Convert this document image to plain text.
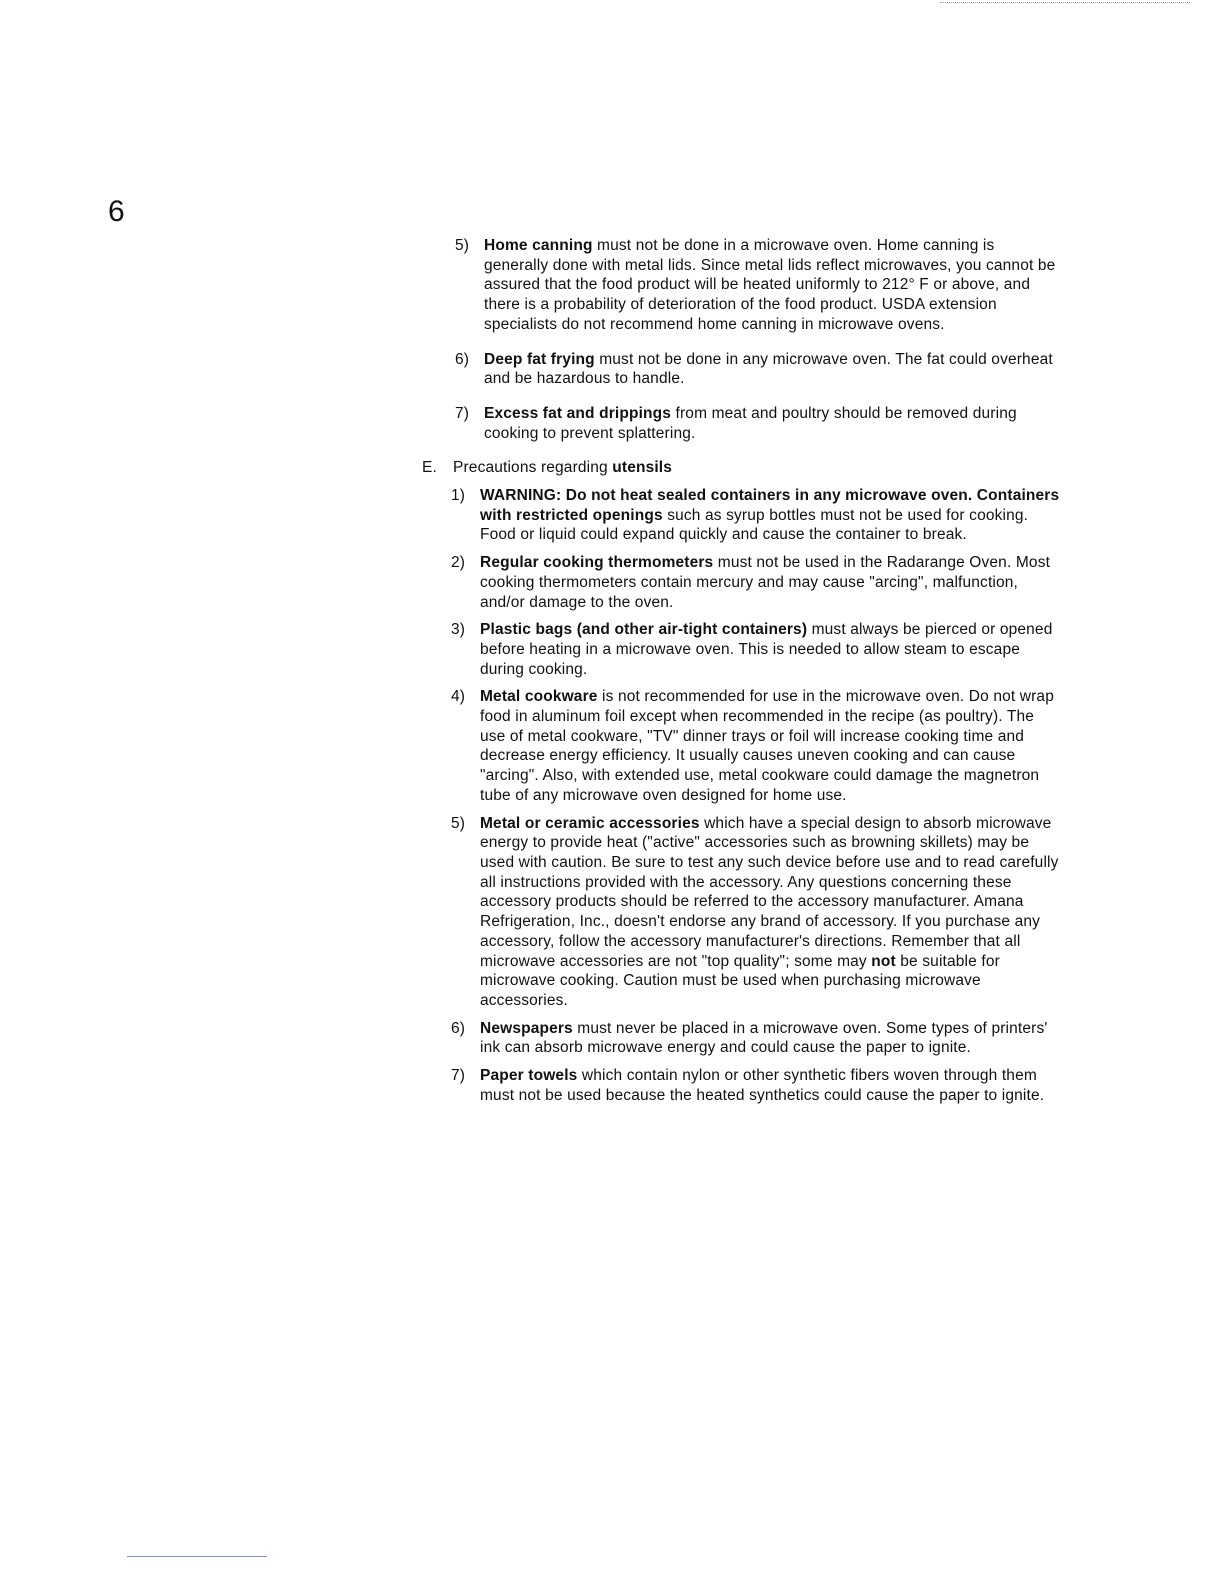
6
5) Home canning must not be done in a microwave oven. Home canning is generally done with metal lids. Since metal lids reflect microwaves, you cannot be assured that the food product will be heated uniformly to 212° F or above, and there is a probability of deterioration of the food product. USDA extension specialists do not recommend home canning in microwave ovens.
6) Deep fat frying must not be done in any microwave oven. The fat could overheat and be hazardous to handle.
7) Excess fat and drippings from meat and poultry should be removed during cooking to prevent splattering.
E. Precautions regarding utensils
1) WARNING: Do not heat sealed containers in any microwave oven. Containers with restricted openings such as syrup bottles must not be used for cooking. Food or liquid could expand quickly and cause the container to break.
2) Regular cooking thermometers must not be used in the Radarange Oven. Most cooking thermometers contain mercury and may cause "arcing", malfunction, and/or damage to the oven.
3) Plastic bags (and other air-tight containers) must always be pierced or opened before heating in a microwave oven. This is needed to allow steam to escape during cooking.
4) Metal cookware is not recommended for use in the microwave oven. Do not wrap food in aluminum foil except when recommended in the recipe (as poultry). The use of metal cookware, "TV" dinner trays or foil will increase cooking time and decrease energy efficiency. It usually causes uneven cooking and can cause "arcing". Also, with extended use, metal cookware could damage the magnetron tube of any microwave oven designed for home use.
5) Metal or ceramic accessories which have a special design to absorb microwave energy to provide heat ("active" accessories such as browning skillets) may be used with caution. Be sure to test any such device before use and to read carefully all instructions provided with the accessory. Any questions concerning these accessory products should be referred to the accessory manufacturer. Amana Refrigeration, Inc., doesn't endorse any brand of accessory. If you purchase any accessory, follow the accessory manufacturer's directions. Remember that all microwave accessories are not "top quality"; some may not be suitable for microwave cooking. Caution must be used when purchasing microwave accessories.
6) Newspapers must never be placed in a microwave oven. Some types of printers' ink can absorb microwave energy and could cause the paper to ignite.
7) Paper towels which contain nylon or other synthetic fibers woven through them must not be used because the heated synthetics could cause the paper to ignite.
